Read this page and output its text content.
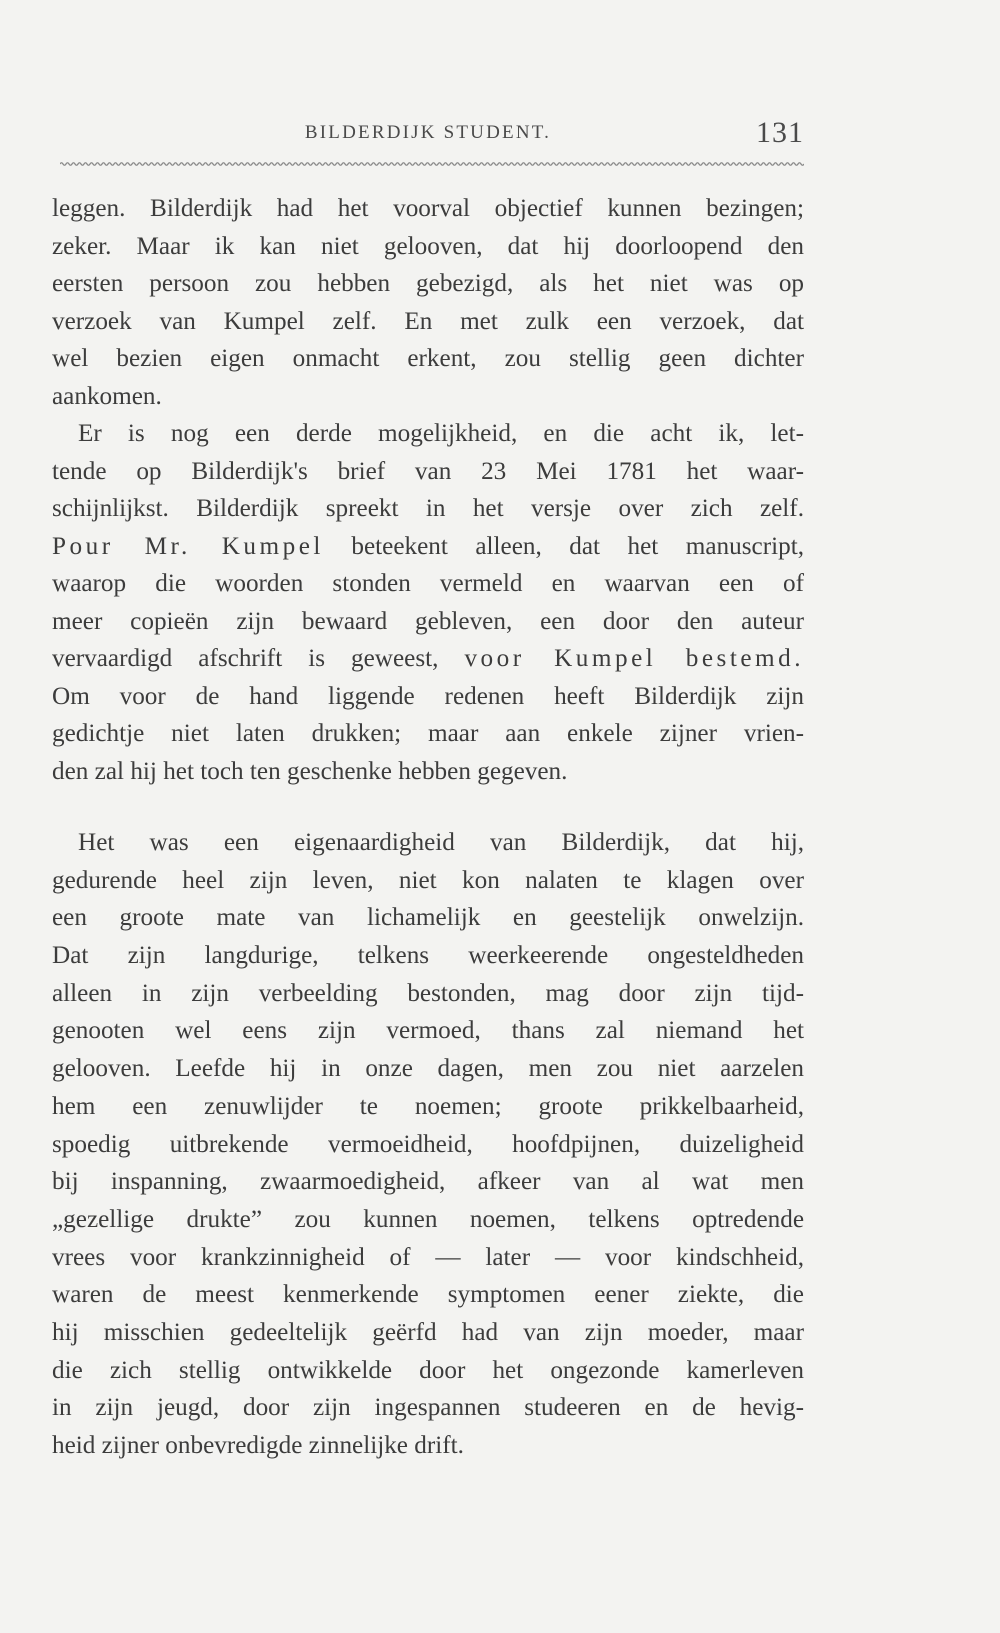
BILDERDIJK STUDENT.	131
leggen. Bilderdijk had het voorval objectief kunnen bezingen;
zeker. Maar ik kan niet gelooven, dat hij doorloopend den
eersten persoon zou hebben gebezigd, als het niet was op
verzoek van Kumpel zelf. En met zulk een verzoek, dat
wel bezien eigen onmacht erkent, zou stellig geen dichter
aankomen.
Er is nog een derde mogelijkheid, en die acht ik, let-
tende op Bilderdijk's brief van 23 Mei 1781 het waar-
schijnlijkst. Bilderdijk spreekt in het versje over zich zelf.
Pour Mr. Kumpel beteekent alleen, dat het manuscript,
waarop die woorden stonden vermeld en waarvan een of
meer copieën zijn bewaard gebleven, een door den auteur
vervaardigd afschrift is geweest, voor Kumpel bestemd.
Om voor de hand liggende redenen heeft Bilderdijk zijn
gedichtje niet laten drukken; maar aan enkele zijner vrien-
den zal hij het toch ten geschenke hebben gegeven.
Het was een eigenaardigheid van Bilderdijk, dat hij,
gedurende heel zijn leven, niet kon nalaten te klagen over
een groote mate van lichamelijk en geestelijk onwelzijn.
Dat zijn langdurige, telkens weerkeerende ongesteldheden
alleen in zijn verbeelding bestonden, mag door zijn tijd-
genooten wel eens zijn vermoed, thans zal niemand het
gelooven. Leefde hij in onze dagen, men zou niet aarzelen
hem een zenuwlijder te noemen; groote prikkelbaarheid,
spoedig uitbrekende vermoeidheid, hoofdpijnen, duizeligheid
bij inspanning, zwaarmoedigheid, afkeer van al wat men
„gezellige drukte” zou kunnen noemen, telkens optredende
vrees voor krankzinnigheid of — later — voor kindschheid,
waren de meest kenmerkende symptomen eener ziekte, die
hij misschien gedeeltelijk geërfd had van zijn moeder, maar
die zich stellig ontwikkelde door het ongezonde kamerleven
in zijn jeugd, door zijn ingespannen studeeren en de hevig-
heid zijner onbevredigde zinnelijke drift.
